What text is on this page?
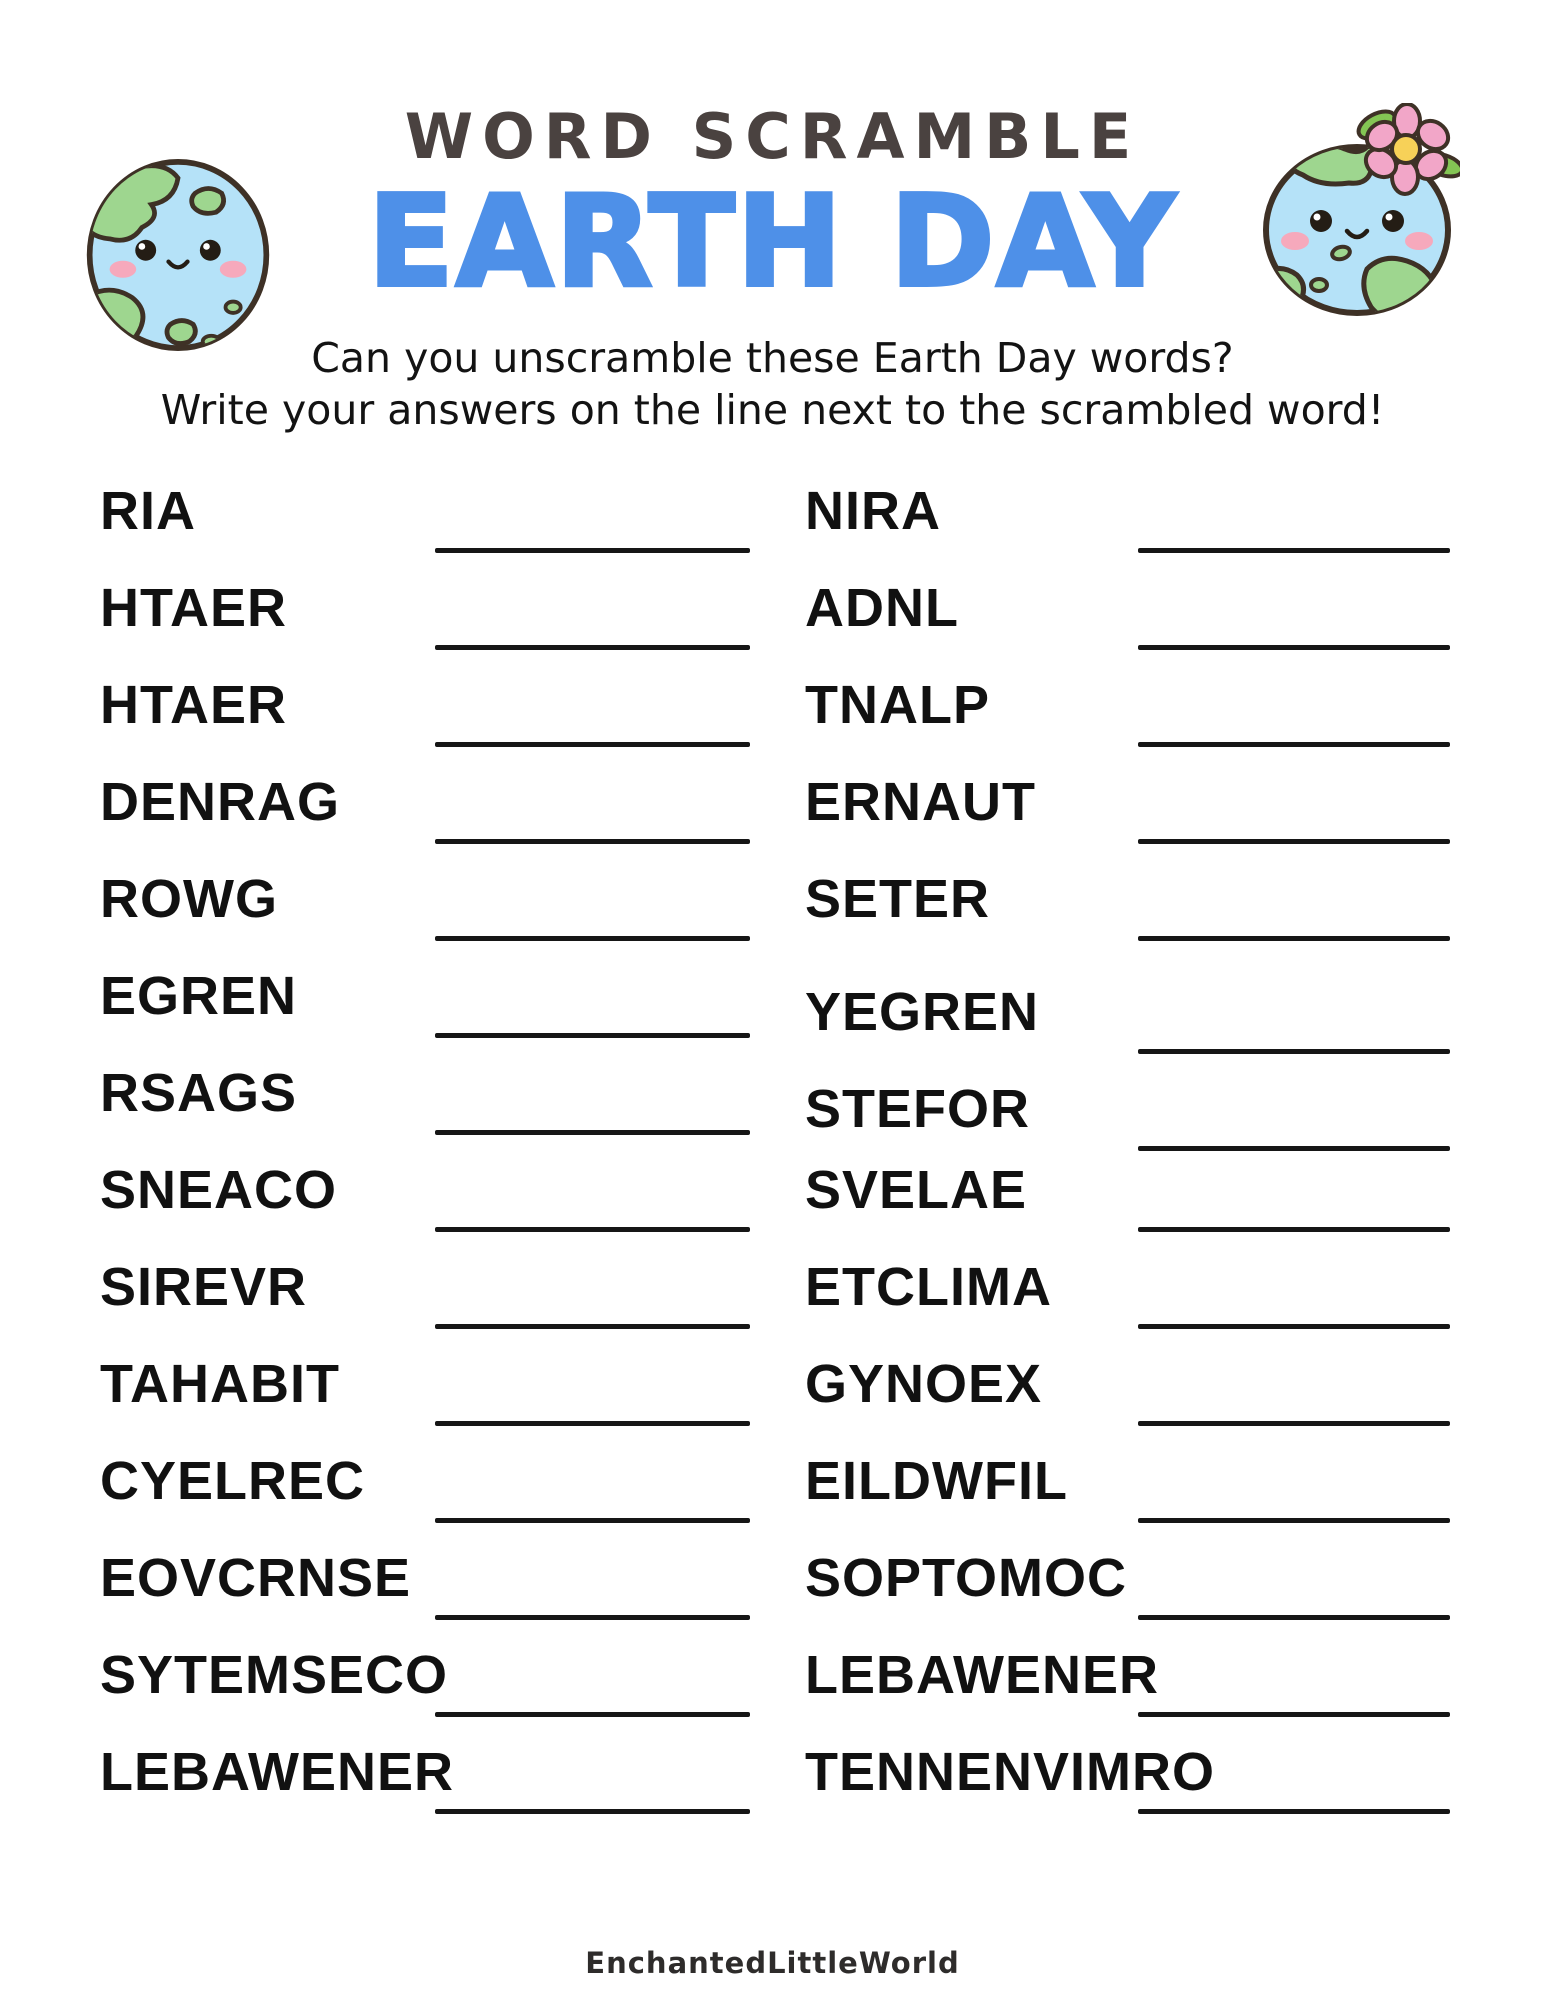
WORD SCRAMBLE
EARTH DAY
Can you unscramble these Earth Day words?
Write your answers on the line next to the scrambled word!
RIA
HTAER
HTAER
DENRAG
ROWG
EGREN
RSAGS
SNEACO
SIREVR
TAHABIT
CYELREC
EOVCRNSE
SYTEMSECO
LEBAWENER
NIRA
ADNL
TNALP
ERNAUT
SETER
YEGREN
STEFOR
SVELAE
ETCLIMA
GYNOEX
EILDWFIL
SOPTOMOC
LEBAWENER
TENNENVIMRO
EnchantedLittleWorld
